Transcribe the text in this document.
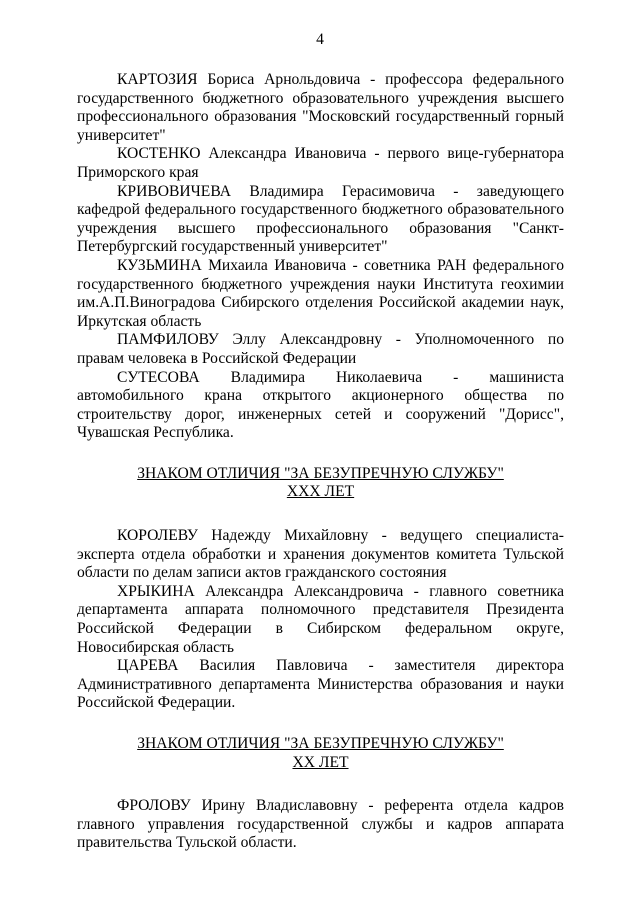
4

КАРТОЗИЯ Бориса Арнольдовича - профессора федерального государственного бюджетного образовательного учреждения высшего профессионального образования "Московский государственный горный университет"

КОСТЕНКО Александра Ивановича - первого вице-губернатора Приморского края

КРИВОВИЧЕВА Владимира Герасимовича - заведующего кафедрой федерального государственного бюджетного образовательного учреждения высшего профессионального образования "Санкт-Петербургский государственный университет"

КУЗЬМИНА Михаила Ивановича - советника РАН федерального государственного бюджетного учреждения науки Института геохимии им.А.П.Виноградова Сибирского отделения Российской академии наук, Иркутская область

ПАМФИЛОВУ Эллу Александровну - Уполномоченного по правам человека в Российской Федерации

СУТЕСОВА Владимира Николаевича - машиниста автомобильного крана открытого акционерного общества по строительству дорог, инженерных сетей и сооружений "Дорисс", Чувашская Республика.

ЗНАКОМ ОТЛИЧИЯ "ЗА БЕЗУПРЕЧНУЮ СЛУЖБУ"

XXX ЛЕТ

КОРОЛЕВУ Надежду Михайловну - ведущего специалиста-эксперта отдела обработки и хранения документов комитета Тульской области по делам записи актов гражданского состояния

ХРЫКИНА Александра Александровича - главного советника департамента аппарата полномочного представителя Президента Российской Федерации в Сибирском федеральном округе, Новосибирская область

ЦАРЕВА Василия Павловича - заместителя директора Административного департамента Министерства образования и науки Российской Федерации.

ЗНАКОМ ОТЛИЧИЯ "ЗА БЕЗУПРЕЧНУЮ СЛУЖБУ"

XX ЛЕТ

ФРОЛОВУ Ирину Владиславовну - референта отдела кадров главного управления государственной службы и кадров аппарата правительства Тульской области.
